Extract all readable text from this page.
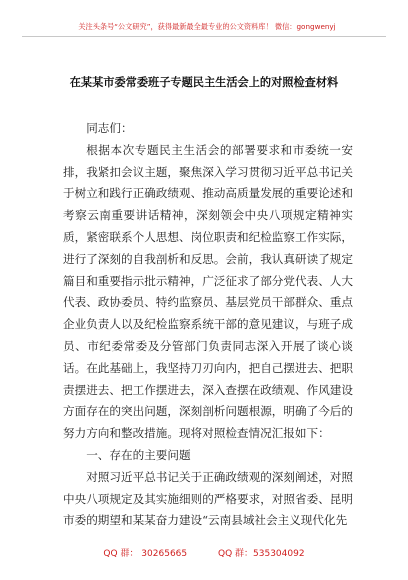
关注头条号“公文研究”，获得最新最全最专业的公文资料库！ 微信：gongwenyj
在某某市委常委班子专题民主生活会上的对照检查材料

同志们：

根据本次专题民主生活会的部署要求和市委统一安排，我紧扣会议主题，聚焦深入学习贯彻习近平总书记关于树立和践行正确政绩观、推动高质量发展的重要论述和考察云南重要讲话精神，深刻领会中央八项规定精神实质，紧密联系个人思想、岗位职责和纪检监察工作实际，进行了深刻的自我剖析和反思。会前，我认真研读了规定篇目和重要指示批示精神，广泛征求了部分党代表、人大代表、政协委员、特约监察员、基层党员干部群众、重点企业负责人以及纪检监察系统干部的意见建议，与班子成员、市纪委常委及分管部门负责同志深入开展了谈心谈话。在此基础上，我坚持刀刃向内，把自己摆进去、把职责摆进去、把工作摆进去，深入查摆在政绩观、作风建设方面存在的突出问题，深刻剖析问题根源，明确了今后的努力方向和整改措施。现将对照检查情况汇报如下：

一、存在的主要问题

对照习近平总书记关于正确政绩观的深刻阐述，对照中央八项规定及其实施细则的严格要求，对照省委、昆明市委的期望和某某奋力建设“云南县域社会主义现代化先

QQ 群： 30265665	QQ 群：535304092
